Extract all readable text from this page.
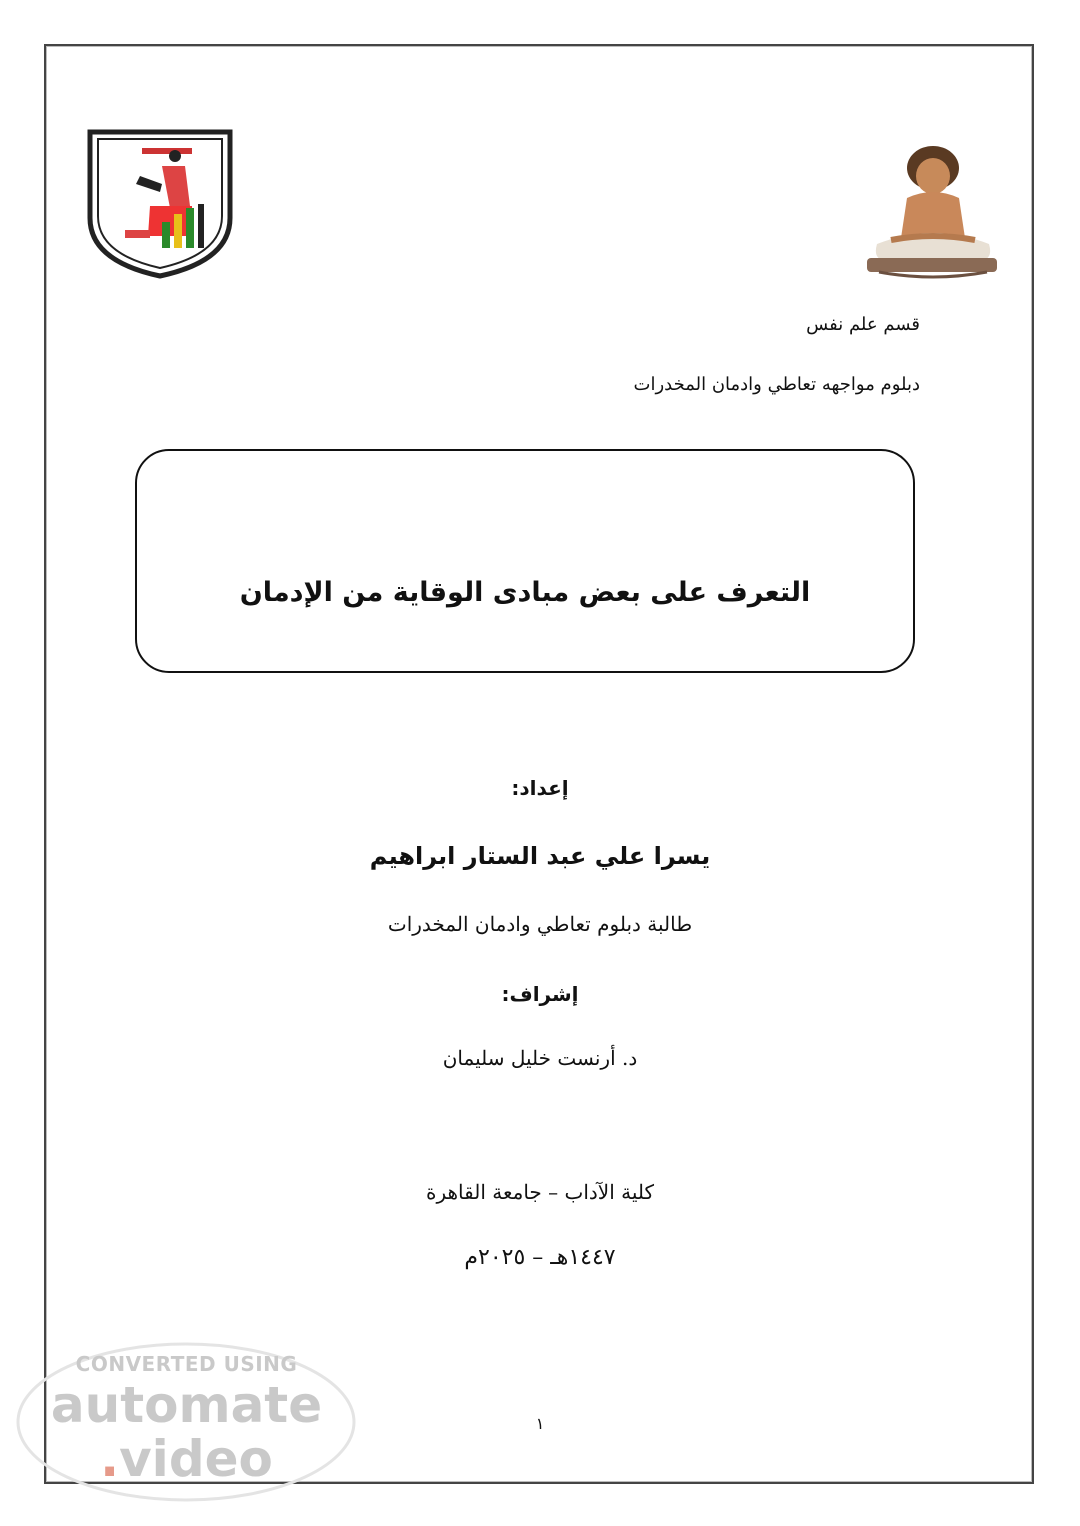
قسم علم نفس
دبلوم مواجهه تعاطي وادمان المخدرات
التعرف على بعض مبادى الوقاية من الإدمان
إعداد:
يسرا علي عبد الستار ابراهيم
طالبة دبلوم تعاطي وادمان المخدرات
إشراف:
د. أرنست خليل سليمان
كلية الآداب – جامعة القاهرة
١٤٤٧هـ – ٢٠٢٥م
١
CONVERTED USING
automate
.video
